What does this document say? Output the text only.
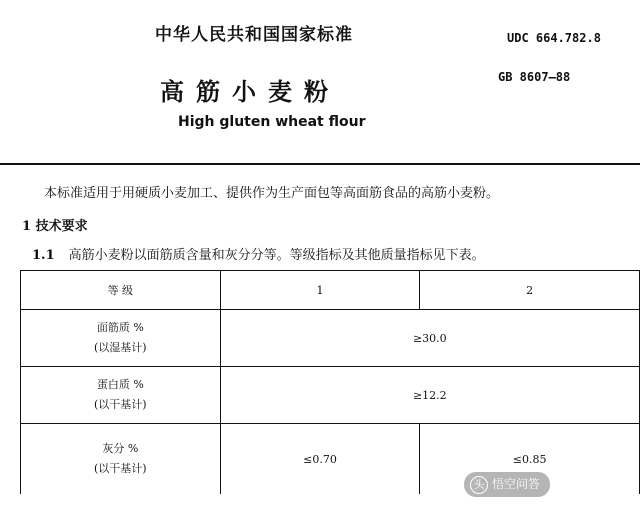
中华人民共和国国家标准	UDC 664.782.8
高筋小麦粉	GB 8607—88
High gluten wheat flour
本标准适用于用硬质小麦加工、提供作为生产面包等高面筋食品的高筋小麦粉。
1 技术要求
1.1 高筋小麦粉以面筋质含量和灰分分等。等级指标及其他质量指标见下表。
等 级	1	2

面筋质 %
(以湿基计)	≥30.0	

蛋白质 %
(以干基计)	≥12.2	

灰分 %
(以干基计)	≤0.70	≤0.85
头 悟空问答
